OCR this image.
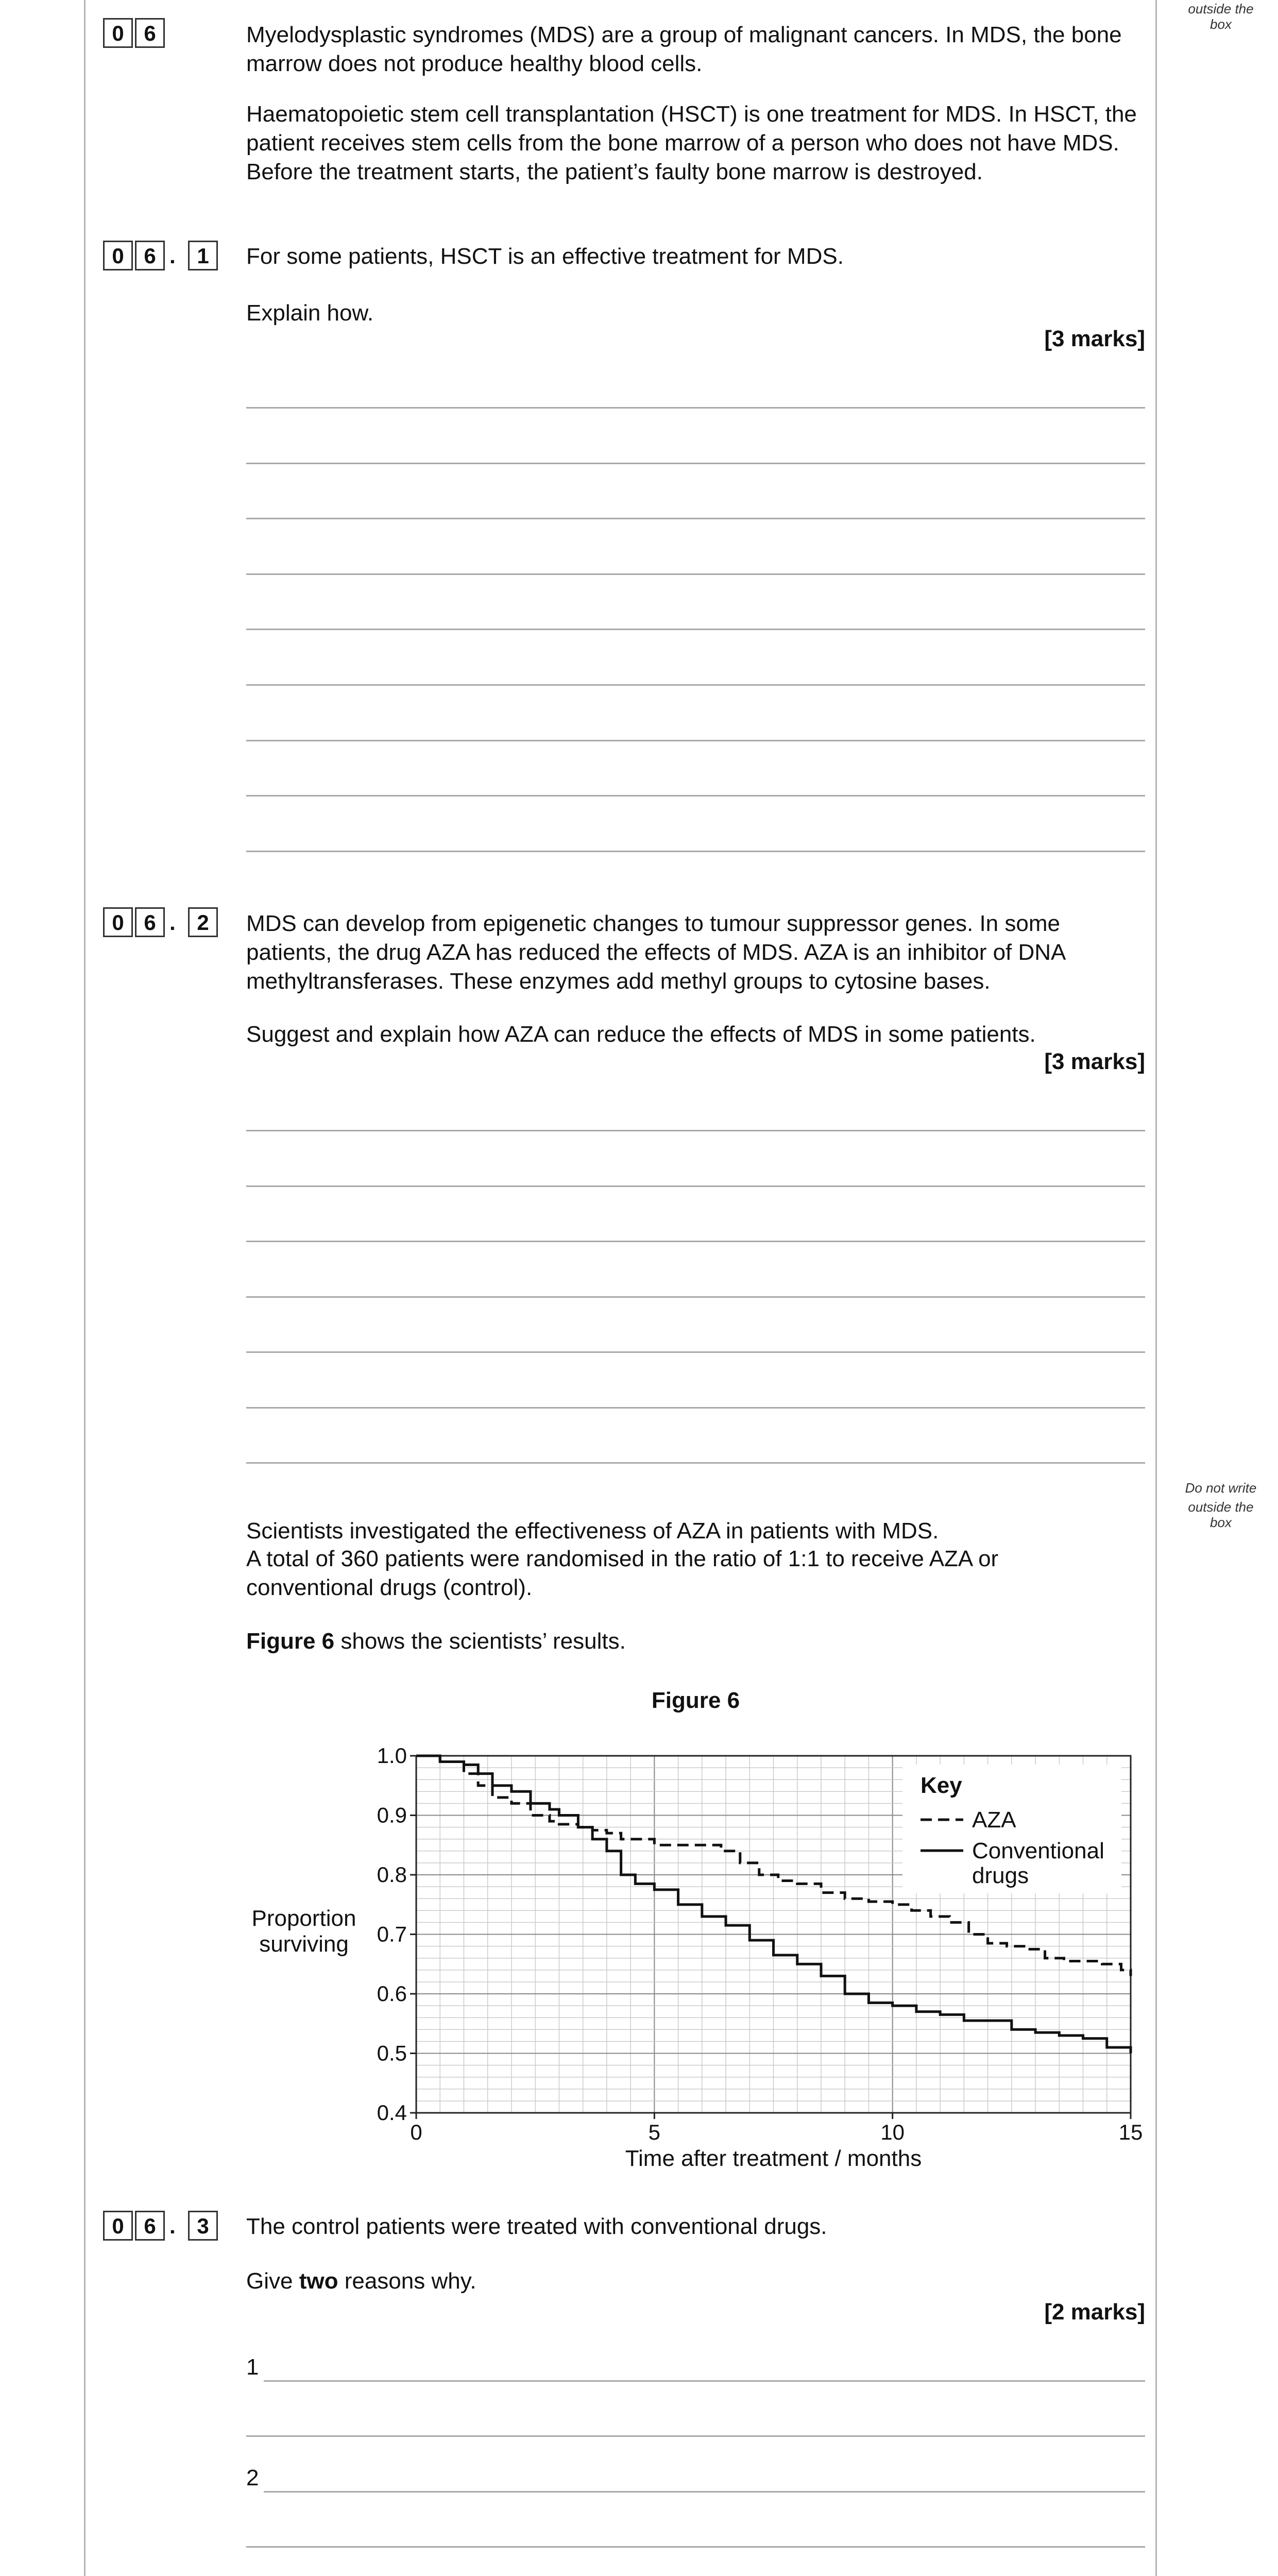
outside the box
Do not write
outside the box
0 6	Myelodysplastic syndromes (MDS) are a group of malignant cancers. In MDS, the bone marrow does not produce healthy blood cells.
Haematopoietic stem cell transplantation (HSCT) is one treatment for MDS. In HSCT, the patient receives stem cells from the bone marrow of a person who does not have MDS. Before the treatment starts, the patient’s faulty bone marrow is destroyed.
0 6 . 1	For some patients, HSCT is an effective treatment for MDS.
Explain how.
[3 marks]
0 6 . 2	MDS can develop from epigenetic changes to tumour suppressor genes. In some patients, the drug AZA has reduced the effects of MDS. AZA is an inhibitor of DNA methyltransferases. These enzymes add methyl groups to cytosine bases.
Suggest and explain how AZA can reduce the effects of MDS in some patients.
[3 marks]
Scientists investigated the effectiveness of AZA in patients with MDS.
A total of 360 patients were randomised in the ratio of 1:1 to receive AZA or conventional drugs (control).
Figure 6 shows the scientists’ results.
Figure 6
0.4
0.5
0.6
0.7
0.8
0.9
1.0
0	5	10	15
Time after treatment / months
Proportion surviving
Key
AZA
Conventional drugs
0 6 . 3	The control patients were treated with conventional drugs.
Give two reasons why.
[2 marks]
1
2
